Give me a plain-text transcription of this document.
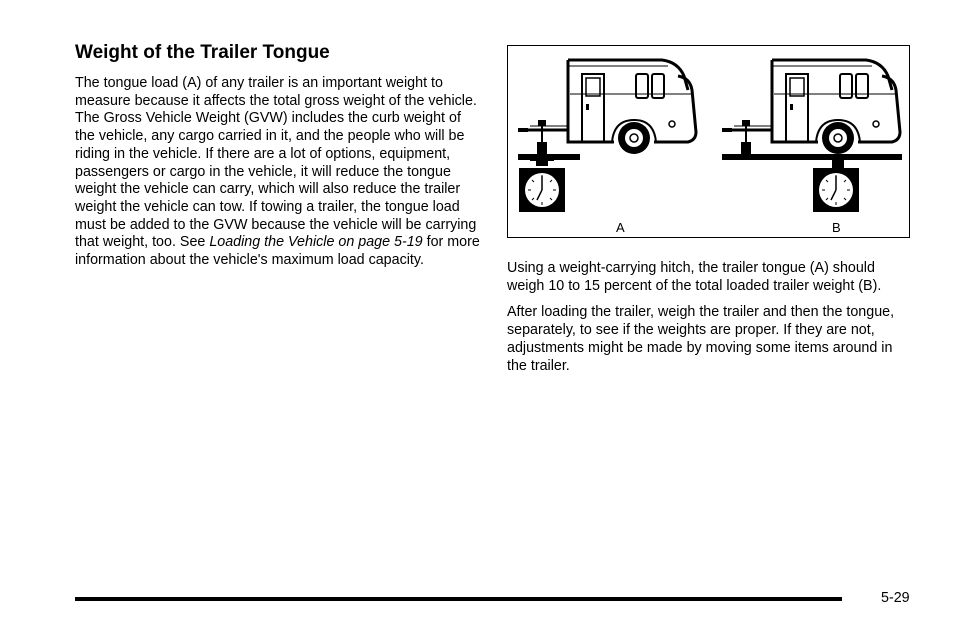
Weight of the Trailer Tongue

The tongue load (A) of any trailer is an important weight to measure because it affects the total gross weight of the vehicle. The Gross Vehicle Weight (GVW) includes the curb weight of the vehicle, any cargo carried in it, and the people who will be riding in the vehicle. If there are a lot of options, equipment, passengers or cargo in the vehicle, it will reduce the tongue weight the vehicle can carry, which will also reduce the trailer weight the vehicle can tow. If towing a trailer, the tongue load must be added to the GVW because the vehicle will be carrying that weight, too. See Loading the Vehicle on page 5-19 for more information about the vehicle's maximum load capacity.

A	B

Using a weight-carrying hitch, the trailer tongue (A) should weigh 10 to 15 percent of the total loaded trailer weight (B).

After loading the trailer, weigh the trailer and then the tongue, separately, to see if the weights are proper. If they are not, adjustments might be made by moving some items around in the trailer.

5-29
